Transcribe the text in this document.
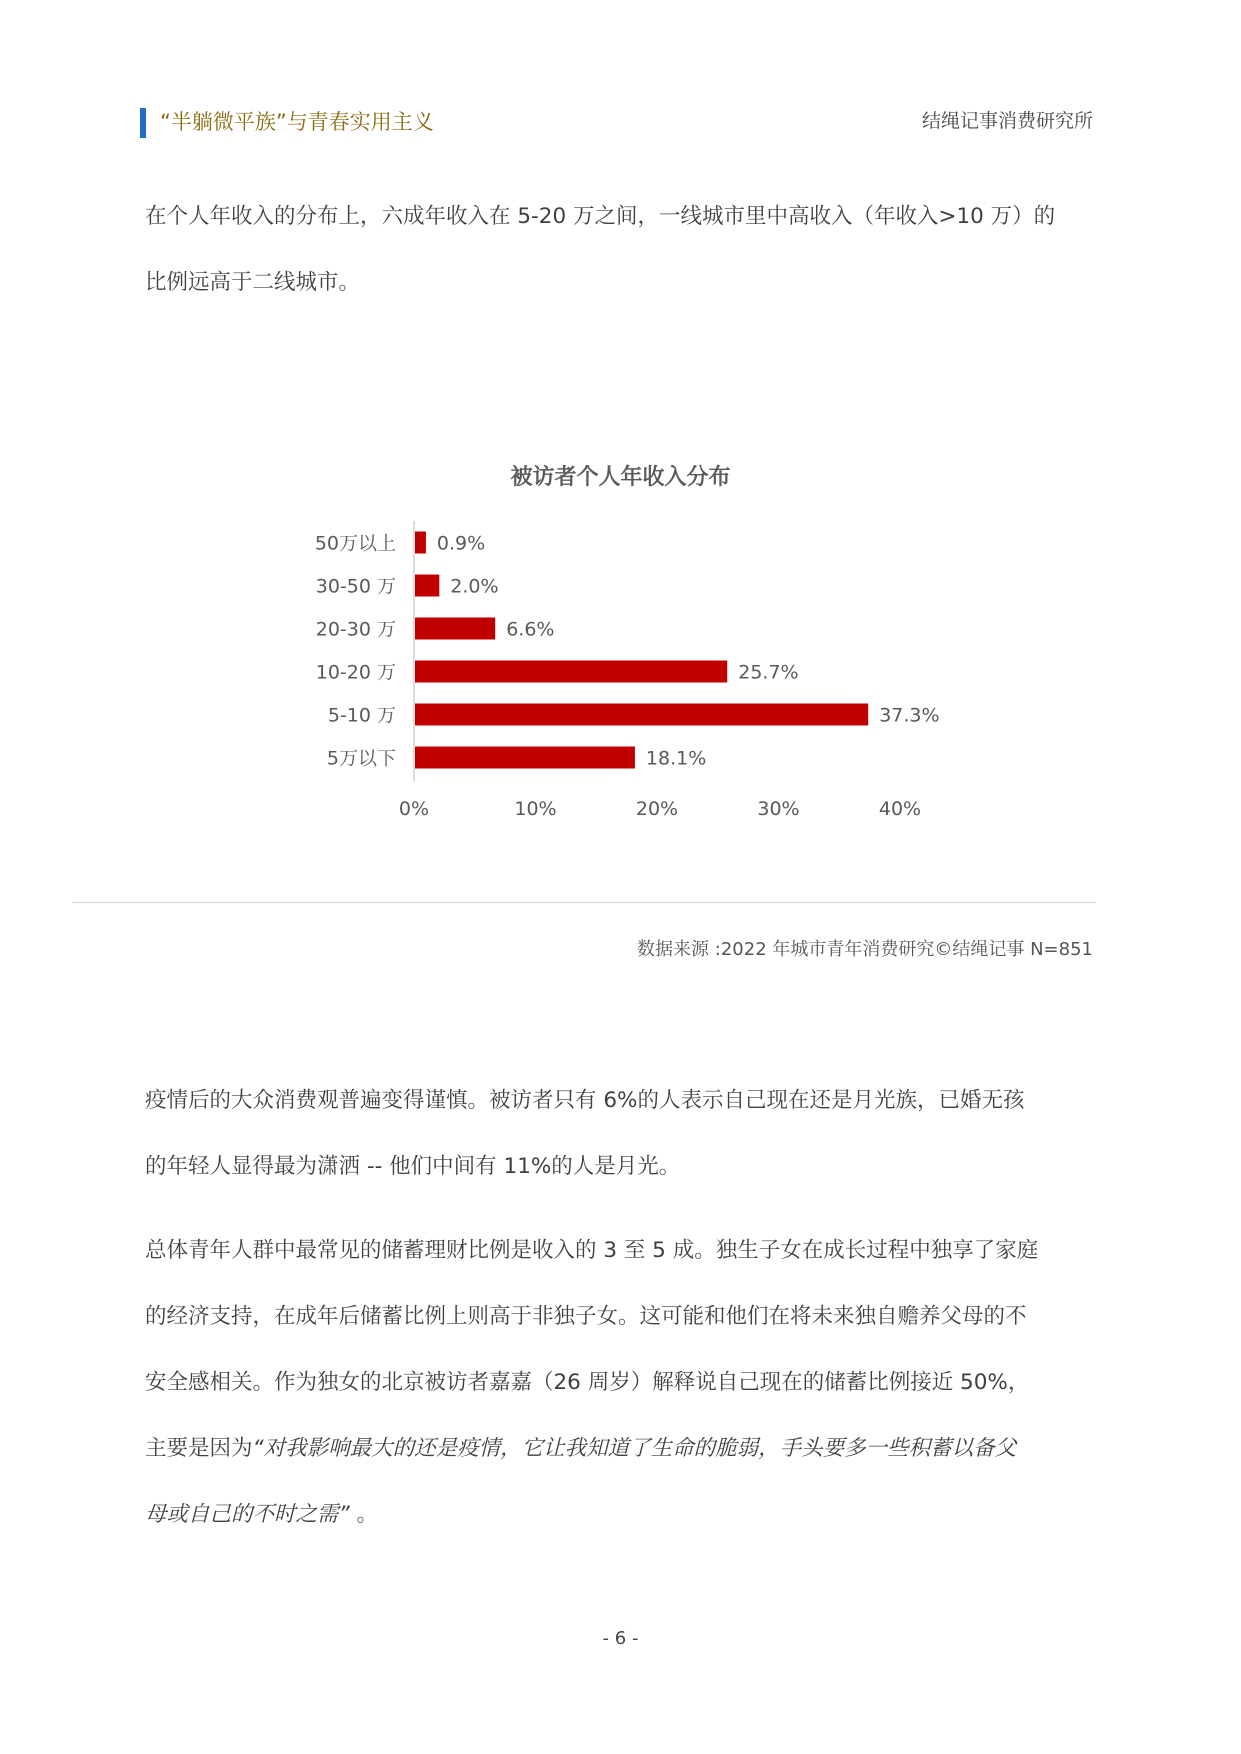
“半躺微平族”与青春实用主义	结绳记事消费研究所

在个人年收入的分布上，六成年收入在 5-20 万之间，一线城市里中高收入（年收入>10 万）的

比例远高于二线城市。

被访者个人年收入分布
50万以上 0.9%
30-50 万	2.0%
20-30 万	6.6%
10-20 万	25.7%
5-10 万	37.3%
5万以下	18.1%
0%	10%	20%	30%	40%
数据来源 :2022 年城市青年消费研究©结绳记事 N=851

疫情后的大众消费观普遍变得谨慎。被访者只有 6%的人表示自己现在还是月光族，已婚无孩

的年轻人显得最为潇洒 -- 他们中间有 11%的人是月光。

总体青年人群中最常见的储蓄理财比例是收入的 3 至 5 成。独生子女在成长过程中独享了家庭

的经济支持，在成年后储蓄比例上则高于非独子女。这可能和他们在将未来独自赡养父母的不

安全感相关。作为独女的北京被访者嘉嘉（26 周岁）解释说自己现在的储蓄比例接近 50%，

主要是因为“对我影响最大的还是疫情，它让我知道了生命的脆弱，手头要多一些积蓄以备父

母或自己的不时之需” 。

- 6 -
